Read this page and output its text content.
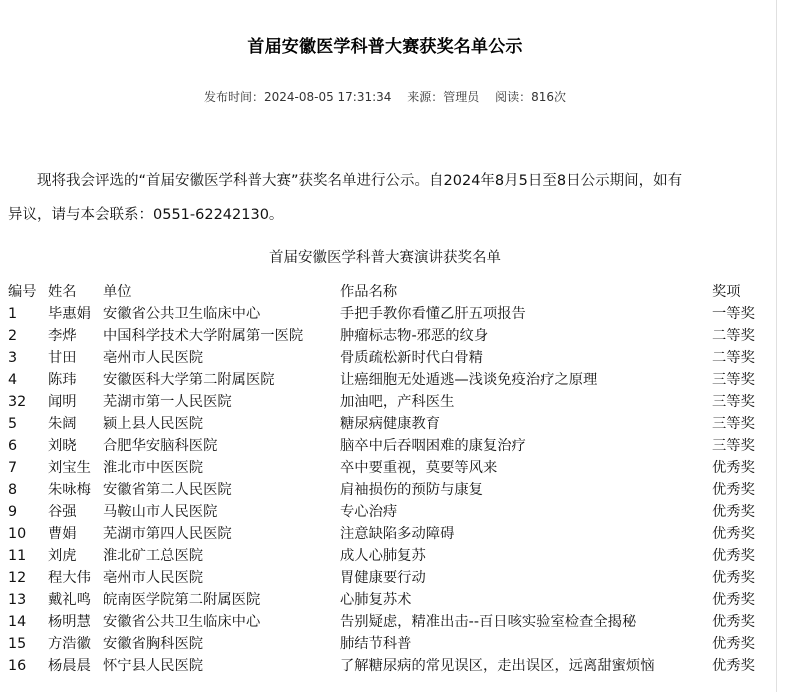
首届安徽医学科普大赛获奖名单公示
发布时间：2024-08-05 17:31:34 来源：管理员 阅读：816次
现将我会评选的“首届安徽医学科普大赛”获奖名单进行公示。自2024年8月5日至8日公示期间，如有
异议，请与本会联系：0551-62242130。
首届安徽医学科普大赛演讲获奖名单
编号	姓名	单位	作品名称	奖项
1	毕惠娟	安徽省公共卫生临床中心	手把手教你看懂乙肝五项报告	一等奖
2	李烨	中国科学技术大学附属第一医院	肿瘤标志物-邪恶的纹身	二等奖
3	甘田	亳州市人民医院	骨质疏松新时代白骨精	二等奖
4	陈玮	安徽医科大学第二附属医院	让癌细胞无处遁逃—浅谈免疫治疗之原理	三等奖
32	闻明	芜湖市第一人民医院	加油吧，产科医生	三等奖
5	朱阔	颍上县人民医院	糖尿病健康教育	三等奖
6	刘晓	合肥华安脑科医院	脑卒中后吞咽困难的康复治疗	三等奖
7	刘宝生	淮北市中医医院	卒中要重视，莫要等风来	优秀奖
8	朱咏梅	安徽省第二人民医院	肩袖损伤的预防与康复	优秀奖
9	谷强	马鞍山市人民医院	专心治痔	优秀奖
10	曹娟	芜湖市第四人民医院	注意缺陷多动障碍	优秀奖
11	刘虎	淮北矿工总医院	成人心肺复苏	优秀奖
12	程大伟	亳州市人民医院	胃健康要行动	优秀奖
13	戴礼鸣	皖南医学院第二附属医院	心肺复苏术	优秀奖
14	杨明慧	安徽省公共卫生临床中心	告别疑虑，精准出击--百日咳实验室检查全揭秘	优秀奖
15	方浩徽	安徽省胸科医院	肺结节科普	优秀奖
16	杨晨晨	怀宁县人民医院	了解糖尿病的常见误区，走出误区，远离甜蜜烦恼	优秀奖
